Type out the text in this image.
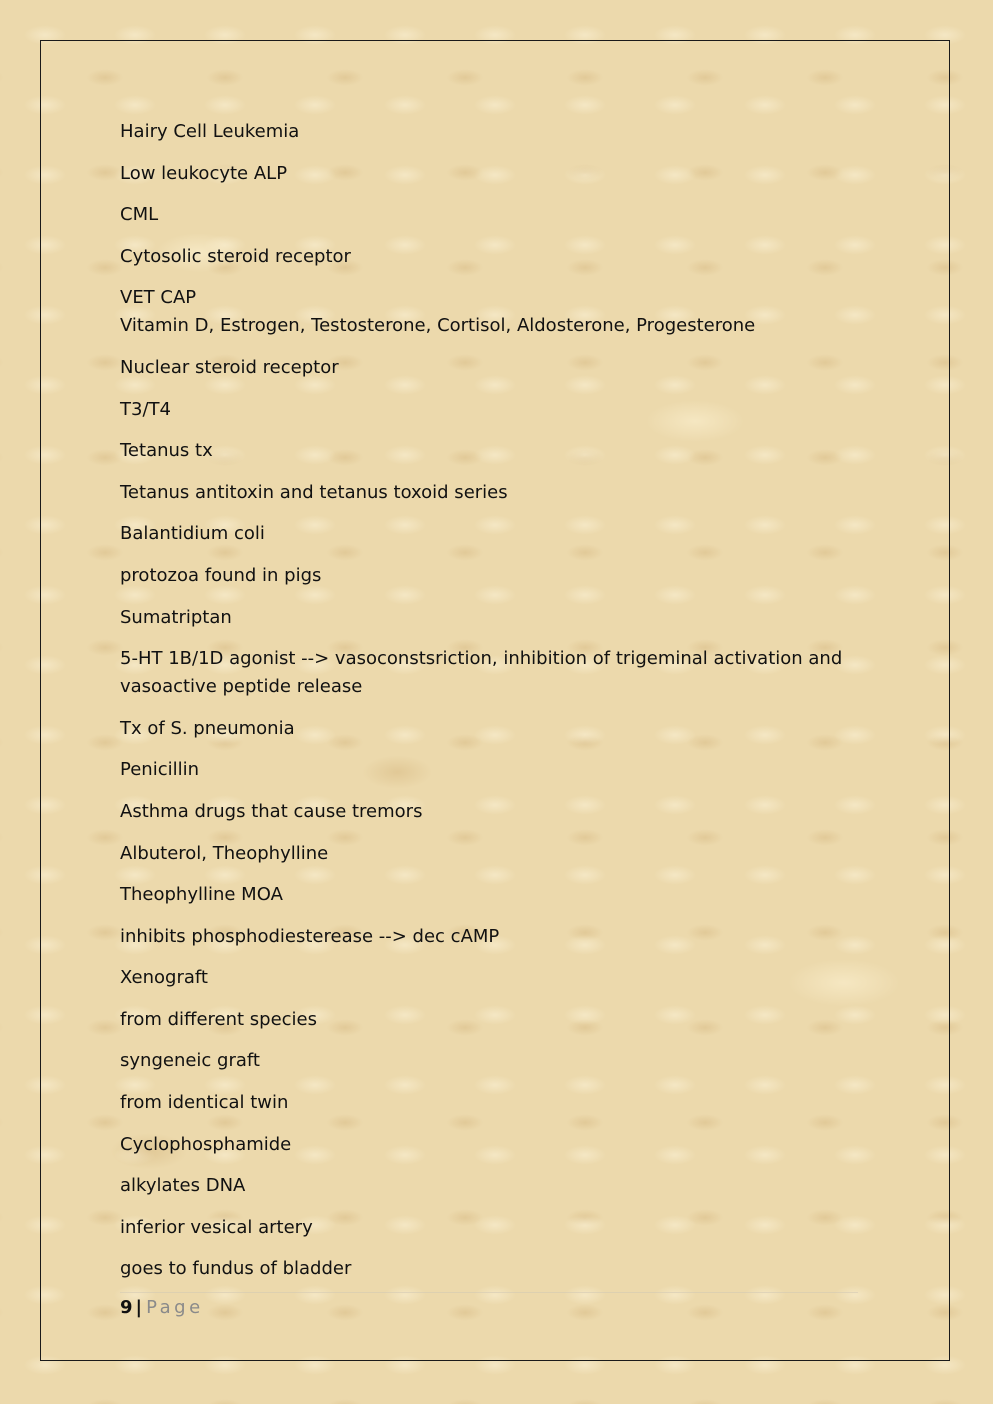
Hairy Cell Leukemia

Low leukocyte ALP

CML

Cytosolic steroid receptor

VET CAP

Vitamin D, Estrogen, Testosterone, Cortisol, Aldosterone, Progesterone

Nuclear steroid receptor

T3/T4

Tetanus tx

Tetanus antitoxin and tetanus toxoid series

Balantidium coli

protozoa found in pigs

Sumatriptan

5-HT 1B/1D agonist --> vasoconstsriction, inhibition of trigeminal activation and vasoactive peptide release

Tx of S. pneumonia

Penicillin

Asthma drugs that cause tremors

Albuterol, Theophylline

Theophylline MOA

inhibits phosphodiesterease --> dec cAMP

Xenograft

from different species

syngeneic graft

from identical twin

Cyclophosphamide

alkylates DNA

inferior vesical artery

goes to fundus of bladder

9 | Page
